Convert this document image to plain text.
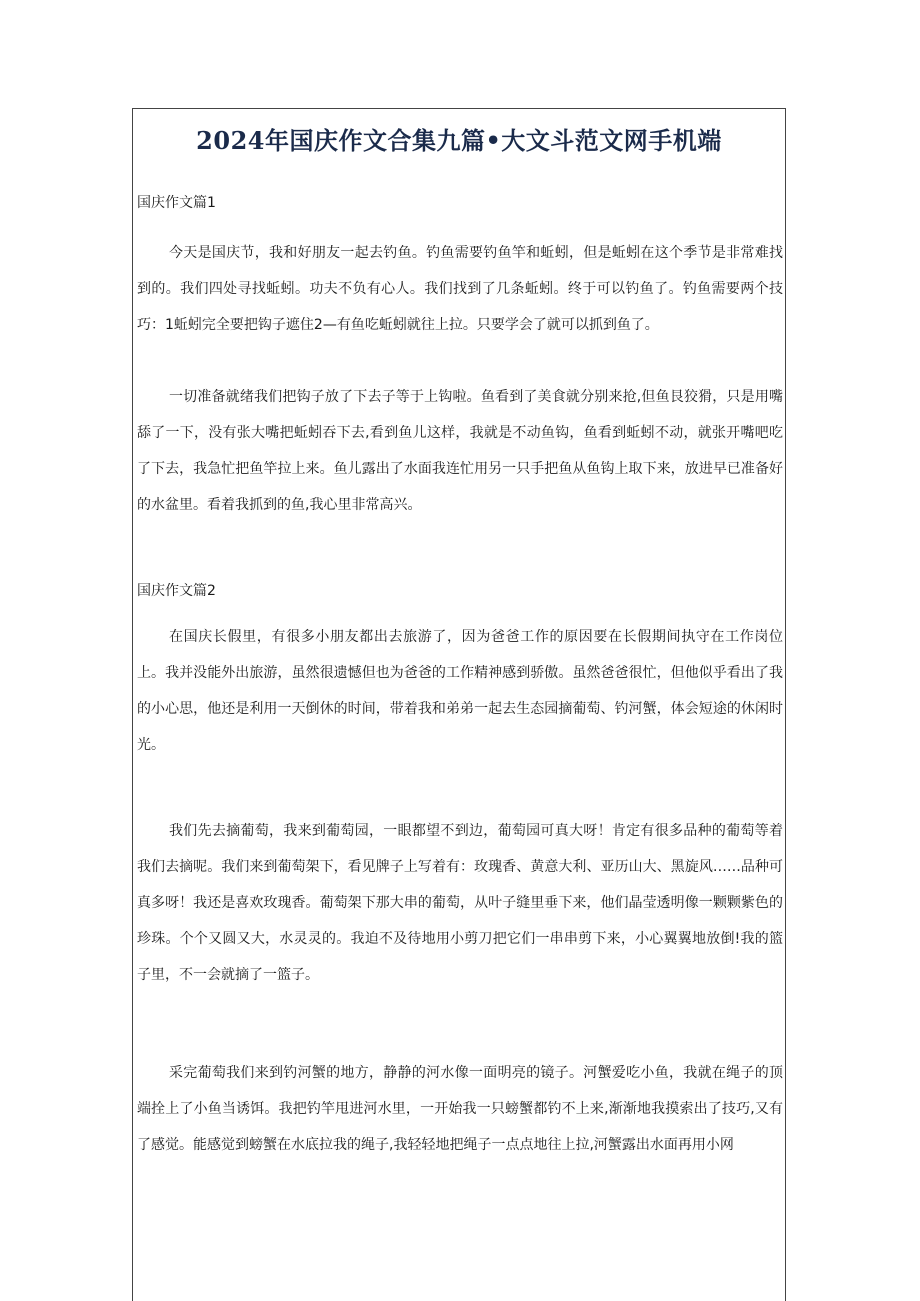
2024年国庆作文合集九篇•大文斗范文网手机端
国庆作文篇1

今天是国庆节，我和好朋友一起去钓鱼。钓鱼需要钓鱼竿和蚯蚓，但是蚯蚓在这个季节是非常难找到的。我们四处寻找蚯蚓。功夫不负有心人。我们找到了几条蚯蚓。终于可以钓鱼了。钓鱼需要两个技巧：1蚯蚓完全要把钩子遮住2—有鱼吃蚯蚓就往上拉。只要学会了就可以抓到鱼了。

一切准备就绪我们把钩子放了下去子等于上钩啦。鱼看到了美食就分别来抢,但鱼艮狡猾，只是用嘴舔了一下，没有张大嘴把蚯蚓吞下去,看到鱼儿这样，我就是不动鱼钩，鱼看到蚯蚓不动，就张开嘴吧吃了下去，我急忙把鱼竿拉上来。鱼儿露出了水面我连忙用另一只手把鱼从鱼钩上取下来，放进早已准备好的水盆里。看着我抓到的鱼,我心里非常高兴。

国庆作文篇2

在国庆长假里，有很多小朋友都出去旅游了，因为爸爸工作的原因要在长假期间执守在工作岗位上。我并没能外出旅游，虽然很遗憾但也为爸爸的工作精神感到骄傲。虽然爸爸很忙，但他似乎看出了我的小心思，他还是利用一天倒休的时间，带着我和弟弟一起去生态园摘葡萄、钓河蟹，体会短途的休闲时光。

我们先去摘葡萄，我来到葡萄园，一眼都望不到边，葡萄园可真大呀！肯定有很多品种的葡萄等着我们去摘呢。我们来到葡萄架下，看见牌子上写着有：玫瑰香、黄意大利、亚历山大、黑旋风……品种可真多呀！我还是喜欢玫瑰香。葡萄架下那大串的葡萄，从叶子缝里垂下来，他们晶莹透明像一颗颗紫色的珍珠。个个又圆又大，水灵灵的。我迫不及待地用小剪刀把它们一串串剪下来，小心翼翼地放倒!我的篮子里，不一会就摘了一篮子。

采完葡萄我们来到钓河蟹的地方，静静的河水像一面明亮的镜子。河蟹爱吃小鱼，我就在绳子的顶端拴上了小鱼当诱饵。我把钓竿甩进河水里，一开始我一只螃蟹都钓不上来,渐渐地我摸索出了技巧,又有了感觉。能感觉到螃蟹在水底拉我的绳子,我轻轻地把绳子一点点地往上拉,河蟹露出水面再用小网
